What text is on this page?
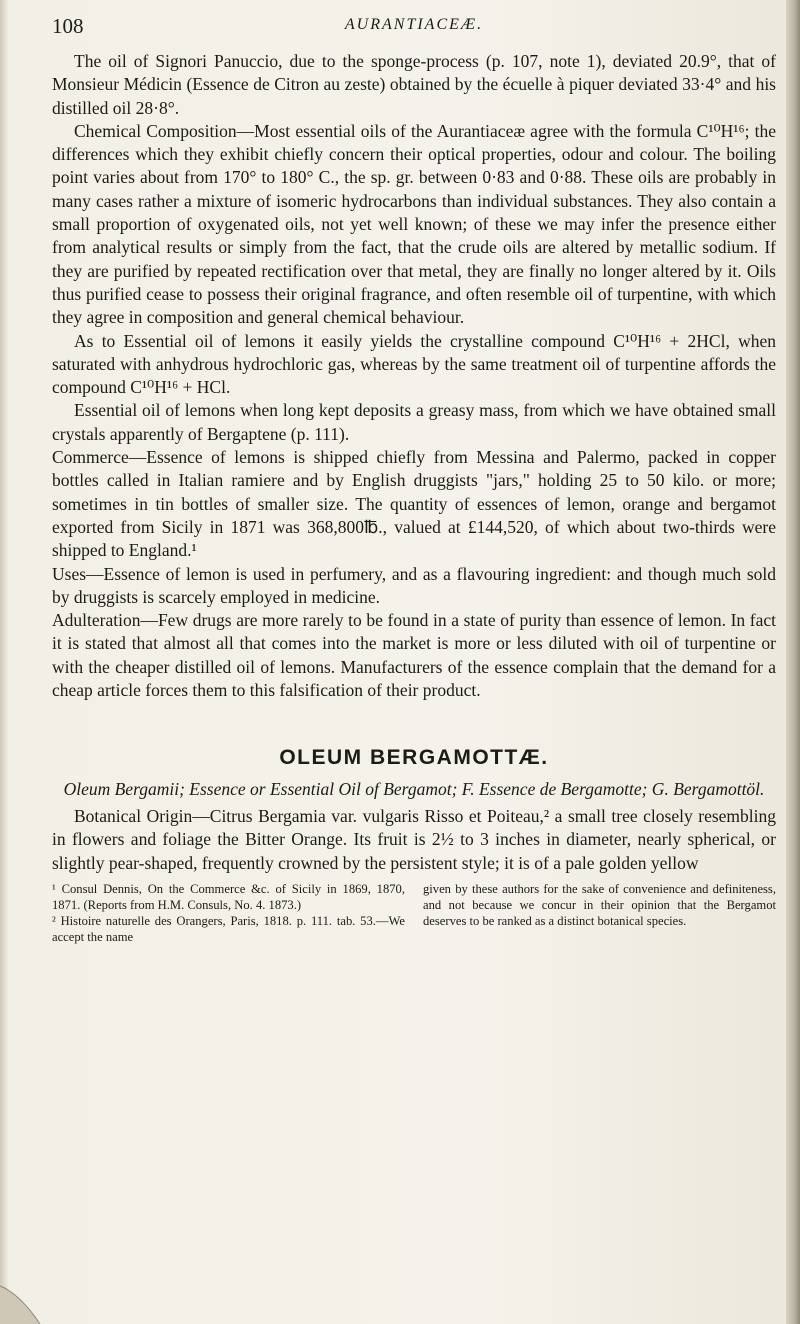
108	AURANTIACEÆ.

The oil of Signori Panuccio, due to the sponge-process (p. 107, note 1), deviated 20.9°, that of Monsieur Médicin (Essence de Citron au zeste) obtained by the écuelle à piquer deviated 33·4° and his distilled oil 28·8°.

Chemical Composition—Most essential oils of the Aurantiaceæ agree with the formula C¹⁰H¹⁶; the differences which they exhibit chiefly concern their optical properties, odour and colour. The boiling point varies about from 170° to 180° C., the sp. gr. between 0·83 and 0·88. These oils are probably in many cases rather a mixture of isomeric hydrocarbons than individual substances. They also contain a small proportion of oxygenated oils, not yet well known; of these we may infer the presence either from analytical results or simply from the fact, that the crude oils are altered by metallic sodium. If they are purified by repeated rectification over that metal, they are finally no longer altered by it. Oils thus purified cease to possess their original fragrance, and often resemble oil of turpentine, with which they agree in composition and general chemical behaviour.

As to Essential oil of lemons it easily yields the crystalline compound C¹⁰H¹⁶ + 2HCl, when saturated with anhydrous hydrochloric gas, whereas by the same treatment oil of turpentine affords the compound C¹⁰H¹⁶ + HCl.

Essential oil of lemons when long kept deposits a greasy mass, from which we have obtained small crystals apparently of Bergaptene (p. 111).

Commerce—Essence of lemons is shipped chiefly from Messina and Palermo, packed in copper bottles called in Italian ramiere and by English druggists "jars," holding 25 to 50 kilo. or more; sometimes in tin bottles of smaller size. The quantity of essences of lemon, orange and bergamot exported from Sicily in 1871 was 368,800℔., valued at £144,520, of which about two-thirds were shipped to England.¹

Uses—Essence of lemon is used in perfumery, and as a flavouring ingredient: and though much sold by druggists is scarcely employed in medicine.

Adulteration—Few drugs are more rarely to be found in a state of purity than essence of lemon. In fact it is stated that almost all that comes into the market is more or less diluted with oil of turpentine or with the cheaper distilled oil of lemons. Manufacturers of the essence complain that the demand for a cheap article forces them to this falsification of their product.

OLEUM BERGAMOTTÆ.

Oleum Bergamii; Essence or Essential Oil of Bergamot; F. Essence de Bergamotte; G. Bergamottöl.

Botanical Origin—Citrus Bergamia var. vulgaris Risso et Poiteau,² a small tree closely resembling in flowers and foliage the Bitter Orange. Its fruit is 2½ to 3 inches in diameter, nearly spherical, or slightly pear-shaped, frequently crowned by the persistent style; it is of a pale golden yellow

¹ Consul Dennis, On the Commerce &c. of Sicily in 1869, 1870, 1871. (Reports from H.M. Consuls, No. 4. 1873.)

² Histoire naturelle des Orangers, Paris, 1818. p. 111. tab. 53.—We accept the name

given by these authors for the sake of convenience and definiteness, and not because we concur in their opinion that the Bergamot deserves to be ranked as a distinct botanical species.
